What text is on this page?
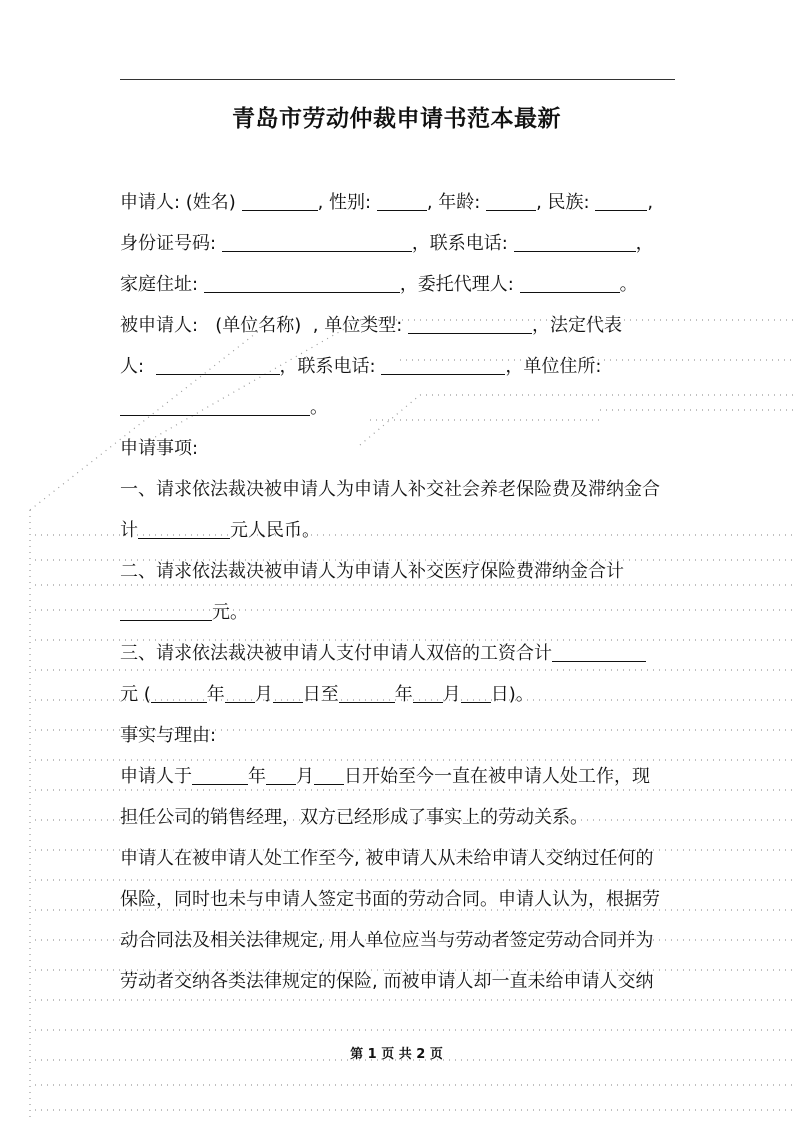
青岛市劳动仲裁申请书范本最新
申请人: (姓名)	, 性别:	, 年龄:	, 民族:	,
身份证号码:	，联系电话:	，
家庭住址:	，委托代理人:	。
被申请人: (单位名称) , 单位类型:	，法定代表
人:	，联系电话:	，单位住所:
。
申请事项:
一、请求依法裁决被申请人为申请人补交社会养老保险费及滞纳金合
计	元人民币。
二、请求依法裁决被申请人为申请人补交医疗保险费滞纳金合计
元。
三、请求依法裁决被申请人支付申请人双倍的工资合计
元 (	年 月 日至	年 月 日)。
事实与理由:
申请人于	年 月 日开始至今一直在被申请人处工作，现
担任公司的销售经理，双方已经形成了事实上的劳动关系。
申请人在被申请人处工作至今, 被申请人从未给申请人交纳过任何的
保险，同时也未与申请人签定书面的劳动合同。申请人认为，根据劳
动合同法及相关法律规定, 用人单位应当与劳动者签定劳动合同并为
劳动者交纳各类法律规定的保险, 而被申请人却一直未给申请人交纳
第 1 页 共 2 页
